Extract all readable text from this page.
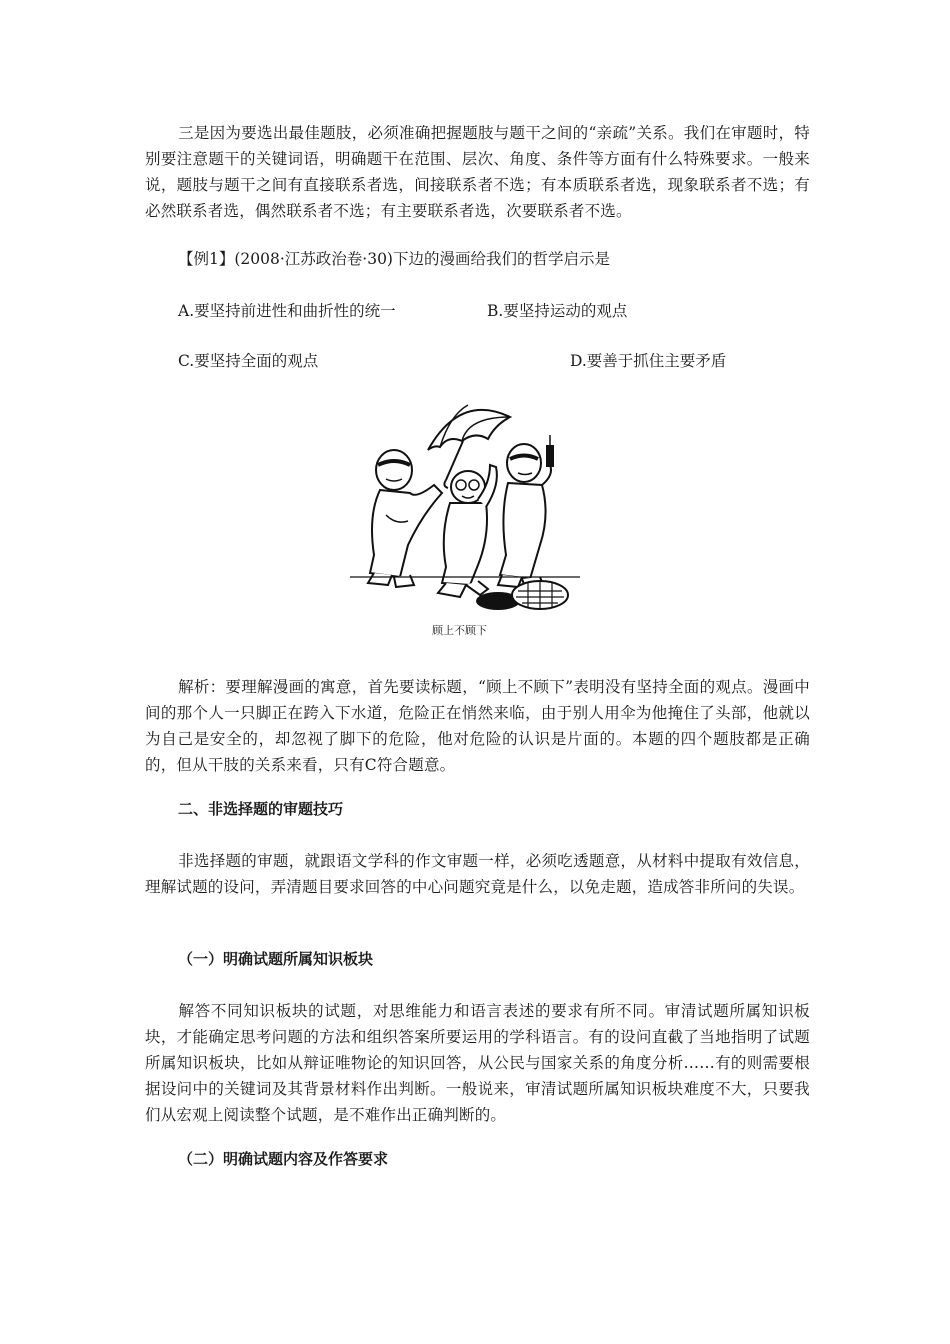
三是因为要选出最佳题肢，必须准确把握题肢与题干之间的“亲疏”关系。我们在审题时，特别要注意题干的关键词语，明确题干在范围、层次、角度、条件等方面有什么特殊要求。一般来说，题肢与题干之间有直接联系者选，间接联系者不选；有本质联系者选，现象联系者不选；有必然联系者选，偶然联系者不选；有主要联系者选，次要联系者不选。

【例1】(2008·江苏政治卷·30)下边的漫画给我们的哲学启示是
A.要坚持前进性和曲折性的统一	B.要坚持运动的观点
C.要坚持全面的观点	D.要善于抓住主要矛盾
顾上不顾下

解析：要理解漫画的寓意，首先要读标题，“顾上不顾下”表明没有坚持全面的观点。漫画中间的那个人一只脚正在跨入下水道，危险正在悄然来临，由于别人用伞为他掩住了头部，他就以为自己是安全的，却忽视了脚下的危险，他对危险的认识是片面的。本题的四个题肢都是正确的，但从干肢的关系来看，只有C符合题意。

二、非选择题的审题技巧

非选择题的审题，就跟语文学科的作文审题一样，必须吃透题意，从材料中提取有效信息，理解试题的设问，弄清题目要求回答的中心问题究竟是什么，以免走题，造成答非所问的失误。

（一）明确试题所属知识板块

解答不同知识板块的试题，对思维能力和语言表述的要求有所不同。审清试题所属知识板块，才能确定思考问题的方法和组织答案所要运用的学科语言。有的设问直截了当地指明了试题所属知识板块，比如从辩证唯物论的知识回答，从公民与国家关系的角度分析……有的则需要根据设问中的关键词及其背景材料作出判断。一般说来，审清试题所属知识板块难度不大，只要我们从宏观上阅读整个试题，是不难作出正确判断的。

（二）明确试题内容及作答要求
